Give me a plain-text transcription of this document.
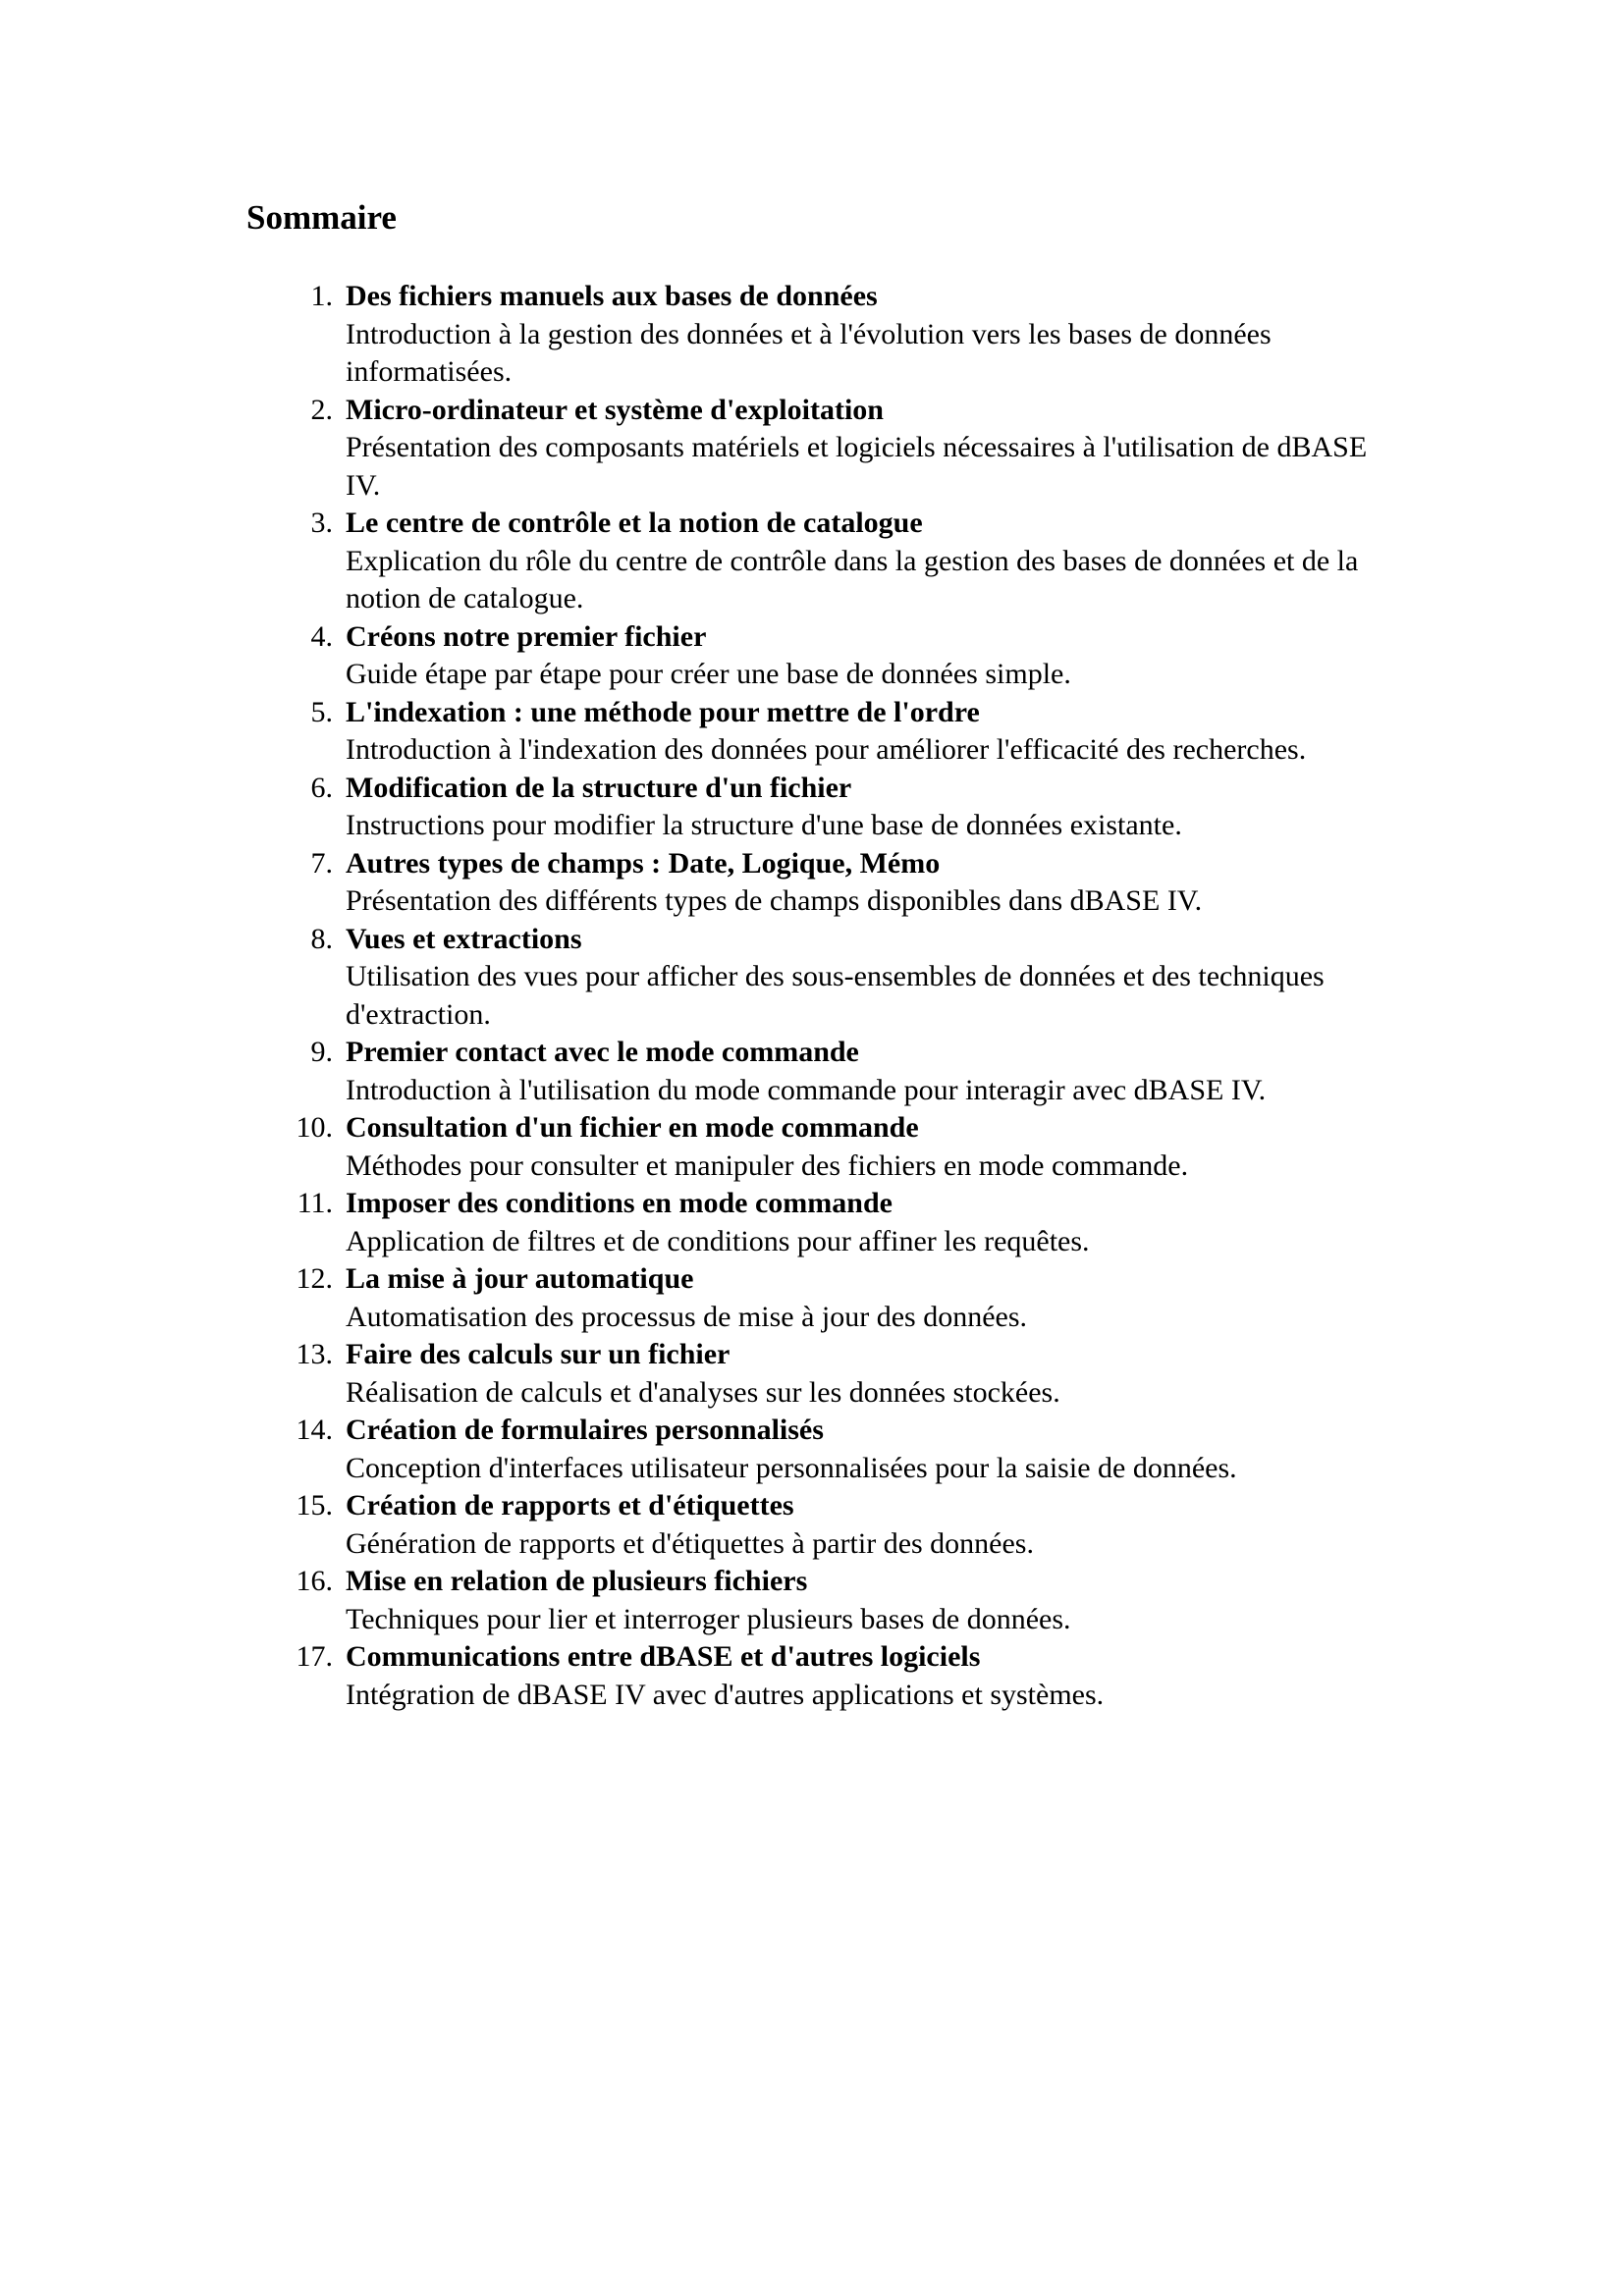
Sommaire
1. Des fichiers manuels aux bases de données
Introduction à la gestion des données et à l'évolution vers les bases de données informatisées.
2. Micro-ordinateur et système d'exploitation
Présentation des composants matériels et logiciels nécessaires à l'utilisation de dBASE IV.
3. Le centre de contrôle et la notion de catalogue
Explication du rôle du centre de contrôle dans la gestion des bases de données et de la notion de catalogue.
4. Créons notre premier fichier
Guide étape par étape pour créer une base de données simple.
5. L'indexation : une méthode pour mettre de l'ordre
Introduction à l'indexation des données pour améliorer l'efficacité des recherches.
6. Modification de la structure d'un fichier
Instructions pour modifier la structure d'une base de données existante.
7. Autres types de champs : Date, Logique, Mémo
Présentation des différents types de champs disponibles dans dBASE IV.
8. Vues et extractions
Utilisation des vues pour afficher des sous-ensembles de données et des techniques d'extraction.
9. Premier contact avec le mode commande
Introduction à l'utilisation du mode commande pour interagir avec dBASE IV.
10. Consultation d'un fichier en mode commande
Méthodes pour consulter et manipuler des fichiers en mode commande.
11. Imposer des conditions en mode commande
Application de filtres et de conditions pour affiner les requêtes.
12. La mise à jour automatique
Automatisation des processus de mise à jour des données.
13. Faire des calculs sur un fichier
Réalisation de calculs et d'analyses sur les données stockées.
14. Création de formulaires personnalisés
Conception d'interfaces utilisateur personnalisées pour la saisie de données.
15. Création de rapports et d'étiquettes
Génération de rapports et d'étiquettes à partir des données.
16. Mise en relation de plusieurs fichiers
Techniques pour lier et interroger plusieurs bases de données.
17. Communications entre dBASE et d'autres logiciels
Intégration de dBASE IV avec d'autres applications et systèmes.
